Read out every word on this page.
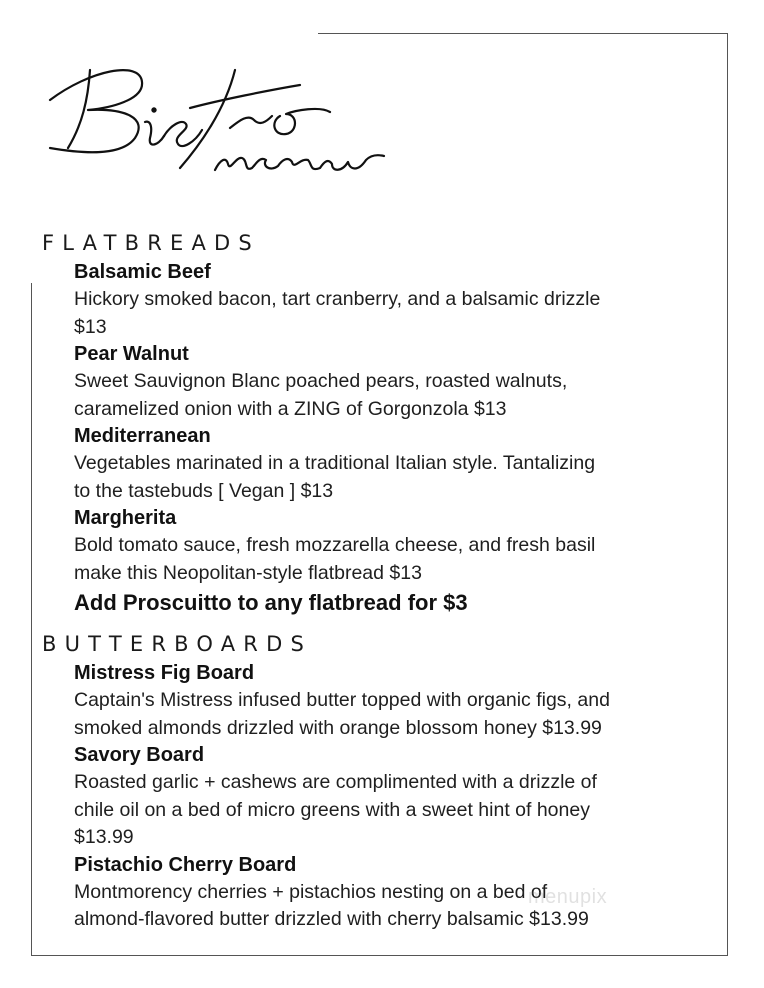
FLATBREADS

Balsamic Beef

Hickory smoked bacon, tart cranberry, and a balsamic drizzle

$13

Pear Walnut

Sweet Sauvignon Blanc poached pears, roasted walnuts,

caramelized onion with a ZING of Gorgonzola $13

Mediterranean

Vegetables marinated in a traditional Italian style. Tantalizing

to the tastebuds [ Vegan ] $13

Margherita

Bold tomato sauce, fresh mozzarella cheese, and fresh basil

make this Neopolitan-style flatbread $13

Add Proscuitto to any flatbread for $3

BUTTERBOARDS

Mistress Fig Board

Captain's Mistress infused butter topped with organic figs, and

smoked almonds drizzled with orange blossom honey $13.99

Savory Board

Roasted garlic + cashews are complimented with a drizzle of

chile oil on a bed of micro greens with a sweet hint of honey

$13.99

Pistachio Cherry Board

Montmorency cherries + pistachios nesting on a bed of

almond-flavored butter drizzled with cherry balsamic $13.99

menupix
